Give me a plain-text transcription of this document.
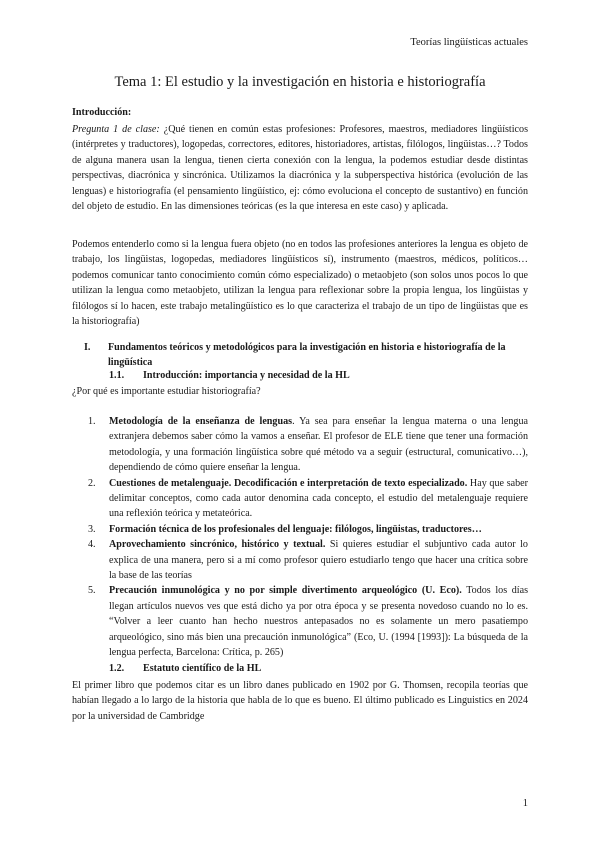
Teorías lingüísticas actuales
Tema 1: El estudio y la investigación en historia e historiografía
Introducción:

Pregunta 1 de clase: ¿Qué tienen en común estas profesiones: Profesores, maestros, mediadores lingüísticos (intérpretes y traductores), logopedas, correctores, editores, historiadores, artistas, filólogos, lingüistas…? Todos de alguna manera usan la lengua, tienen cierta conexión con la lengua, la podemos estudiar desde distintas perspectivas, diacrónica y sincrónica. Utilizamos la diacrónica y la subperspectiva histórica (evolución de las lenguas) e historiografía (el pensamiento lingüístico, ej: cómo evoluciona el concepto de sustantivo) en función del objeto de estudio. En las dimensiones teóricas (es la que interesa en este caso) y aplicada.

Podemos entenderlo como si la lengua fuera objeto (no en todos las profesiones anteriores la lengua es objeto de trabajo, los lingüistas, logopedas, mediadores lingüísticos sí), instrumento (maestros, médicos, políticos… podemos comunicar tanto conocimiento común cómo especializado) o metaobjeto (son solos unos pocos lo que utilizan la lengua como metaobjeto, utilizan la lengua para reflexionar sobre la propia lengua, los lingüistas y filólogos sí lo hacen, este trabajo metalingüístico es lo que caracteriza el trabajo de un tipo de lingüistas que es la historiografía)

I. Fundamentos teóricos y metodológicos para la investigación en historia e historiografía de la lingüística
1.1. Introducción: importancia y necesidad de la HL

¿Por qué es importante estudiar historiografía?

1. Metodología de la enseñanza de lenguas. Ya sea para enseñar la lengua materna o una lengua extranjera debemos saber cómo la vamos a enseñar. El profesor de ELE tiene que tener una formación metodología, y una formación lingüística sobre qué método va a seguir (estructural, comunicativo…), dependiendo de cómo quiere enseñar la lengua.
2. Cuestiones de metalenguaje. Decodificación e interpretación de texto especializado. Hay que saber delimitar conceptos, como cada autor denomina cada concepto, el estudio del metalenguaje requiere una reflexión teórica y metateórica.
3. Formación técnica de los profesionales del lenguaje: filólogos, lingüistas, traductores…
4. Aprovechamiento sincrónico, histórico y textual. Si quieres estudiar el subjuntivo cada autor lo explica de una manera, pero si a mí como profesor quiero estudiarlo tengo que hacer una crítica sobre la base de las teorías
5. Precaución inmunológica y no por simple divertimento arqueológico (U. Eco). Todos los días llegan artículos nuevos ves que está dicho ya por otra época y se presenta novedoso cuando no lo es. “Volver a leer cuanto han hecho nuestros antepasados no es solamente un mero pasatiempo arqueológico, sino más bien una precaución inmunológica” (Eco, U. (1994 [1993]): La búsqueda de la lengua perfecta, Barcelona: Crítica, p. 265)
1.2. Estatuto científico de la HL

El primer libro que podemos citar es un libro danes publicado en 1902 por G. Thomsen, recopila teorías que habían llegado a lo largo de la historia que habla de lo que es bueno. El último publicado es Linguistics en 2024 por la universidad de Cambridge

1
